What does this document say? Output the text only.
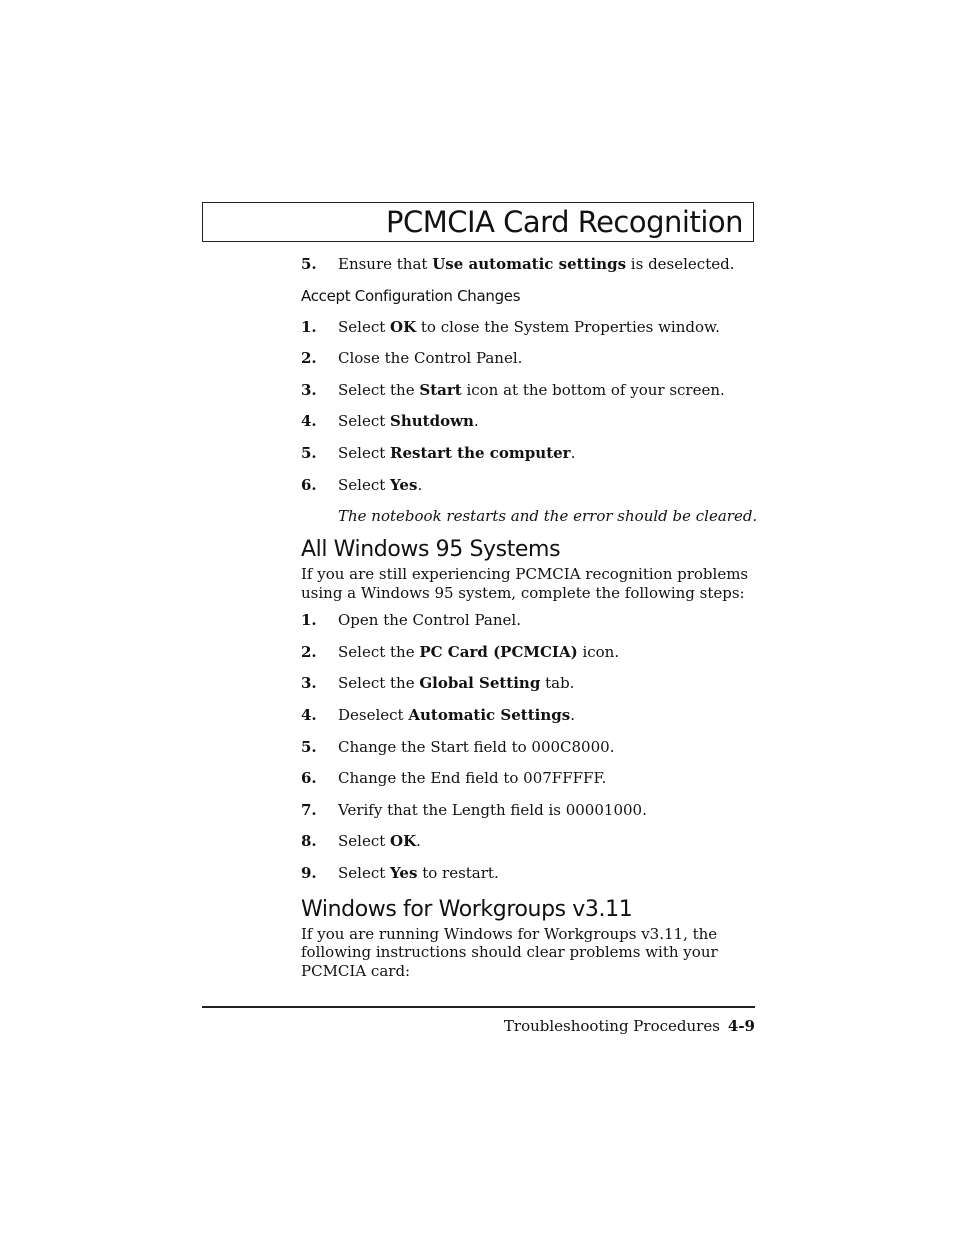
PCMCIA Card Recognition
5. Ensure that Use automatic settings is deselected.
Accept Configuration Changes
1. Select OK to close the System Properties window.
2. Close the Control Panel.
3. Select the Start icon at the bottom of your screen.
4. Select Shutdown.
5. Select Restart the computer.
6. Select Yes.
The notebook restarts and the error should be cleared.
All Windows 95 Systems

If you are still experiencing PCMCIA recognition problems using a Windows 95 system, complete the following steps:

1. Open the Control Panel.
2. Select the PC Card (PCMCIA) icon.
3. Select the Global Setting tab.
4. Deselect Automatic Settings.
5. Change the Start field to 000C8000.
6. Change the End field to 007FFFFF.
7. Verify that the Length field is 00001000.
8. Select OK.
9. Select Yes to restart.
Windows for Workgroups v3.11

If you are running Windows for Workgroups v3.11, the following instructions should clear problems with your PCMCIA card:

Troubleshooting Procedures 4-9
